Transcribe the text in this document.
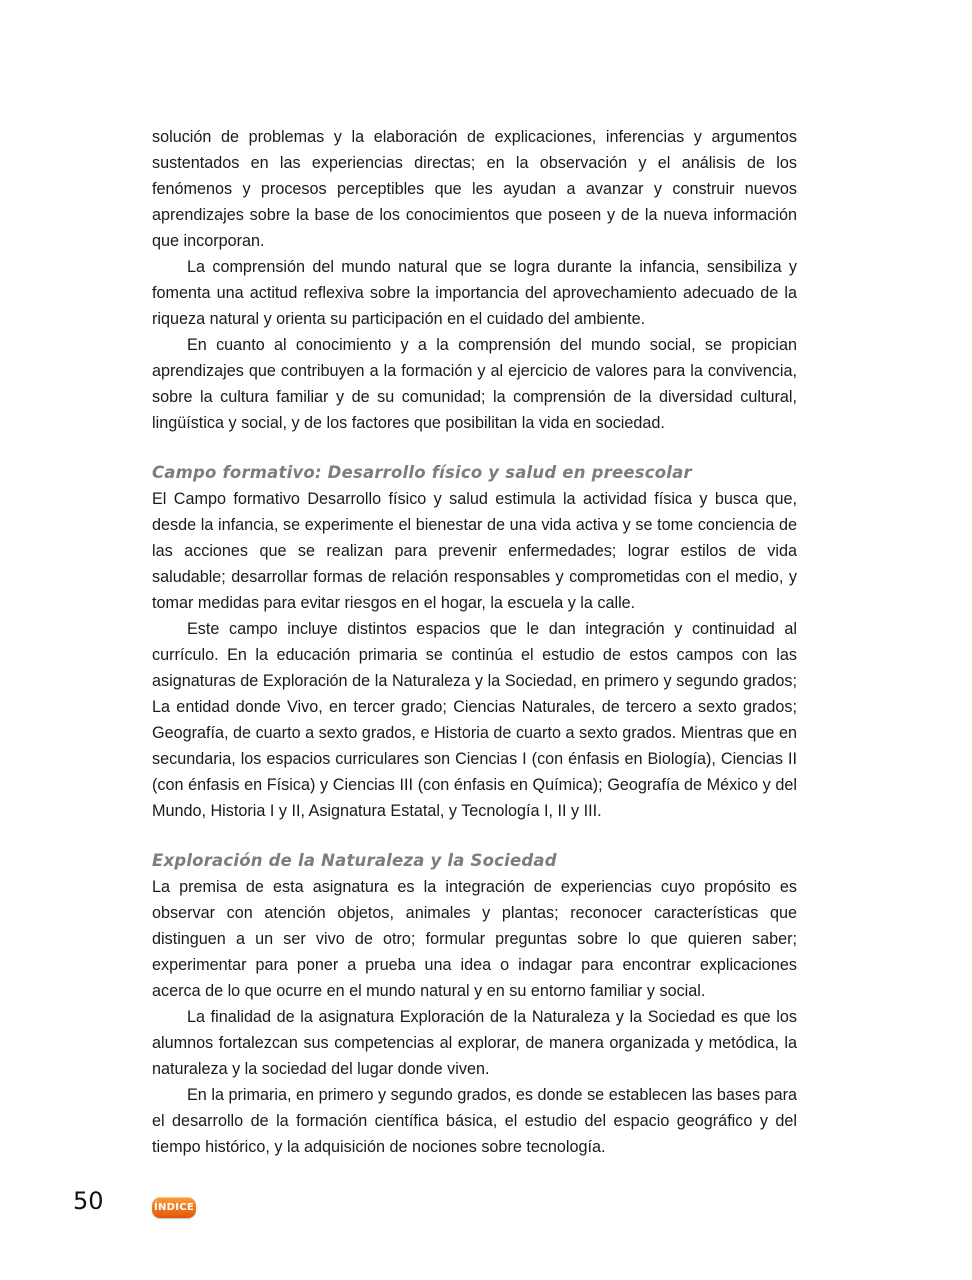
solución de problemas y la elaboración de explicaciones, inferencias y argumentos sustentados en las experiencias directas; en la observación y el análisis de los fenómenos y procesos perceptibles que les ayudan a avanzar y construir nuevos aprendizajes sobre la base de los conocimientos que poseen y de la nueva información que incorporan.

La comprensión del mundo natural que se logra durante la infancia, sensibiliza y fomenta una actitud reflexiva sobre la importancia del aprovechamiento adecuado de la riqueza natural y orienta su participación en el cuidado del ambiente.

En cuanto al conocimiento y a la comprensión del mundo social, se propician aprendizajes que contribuyen a la formación y al ejercicio de valores para la convivencia, sobre la cultura familiar y de su comunidad; la comprensión de la diversidad cultural, lingüística y social, y de los factores que posibilitan la vida en sociedad.

Campo formativo: Desarrollo físico y salud en preescolar

El Campo formativo Desarrollo físico y salud estimula la actividad física y busca que, desde la infancia, se experimente el bienestar de una vida activa y se tome conciencia de las acciones que se realizan para prevenir enfermedades; lograr estilos de vida saludable; desarrollar formas de relación responsables y comprometidas con el medio, y tomar medidas para evitar riesgos en el hogar, la escuela y la calle.

Este campo incluye distintos espacios que le dan integración y continuidad al currículo. En la educación primaria se continúa el estudio de estos campos con las asignaturas de Exploración de la Naturaleza y la Sociedad, en primero y segundo grados; La entidad donde Vivo, en tercer grado; Ciencias Naturales, de tercero a sexto grados; Geografía, de cuarto a sexto grados, e Historia de cuarto a sexto grados. Mientras que en secundaria, los espacios curriculares son Ciencias I (con énfasis en Biología), Ciencias II (con énfasis en Física) y Ciencias III (con énfasis en Química); Geografía de México y del Mundo, Historia I y II, Asignatura Estatal, y Tecnología I, II y III.

Exploración de la Naturaleza y la Sociedad

La premisa de esta asignatura es la integración de experiencias cuyo propósito es observar con atención objetos, animales y plantas; reconocer características que distinguen a un ser vivo de otro; formular preguntas sobre lo que quieren saber; experimentar para poner a prueba una idea o indagar para encontrar explicaciones acerca de lo que ocurre en el mundo natural y en su entorno familiar y social.

La finalidad de la asignatura Exploración de la Naturaleza y la Sociedad es que los alumnos fortalezcan sus competencias al explorar, de manera organizada y metódica, la naturaleza y la sociedad del lugar donde viven.

En la primaria, en primero y segundo grados, es donde se establecen las bases para el desarrollo de la formación científica básica, el estudio del espacio geográfico y del tiempo histórico, y la adquisición de nociones sobre tecnología.

50	ÍNDICE
